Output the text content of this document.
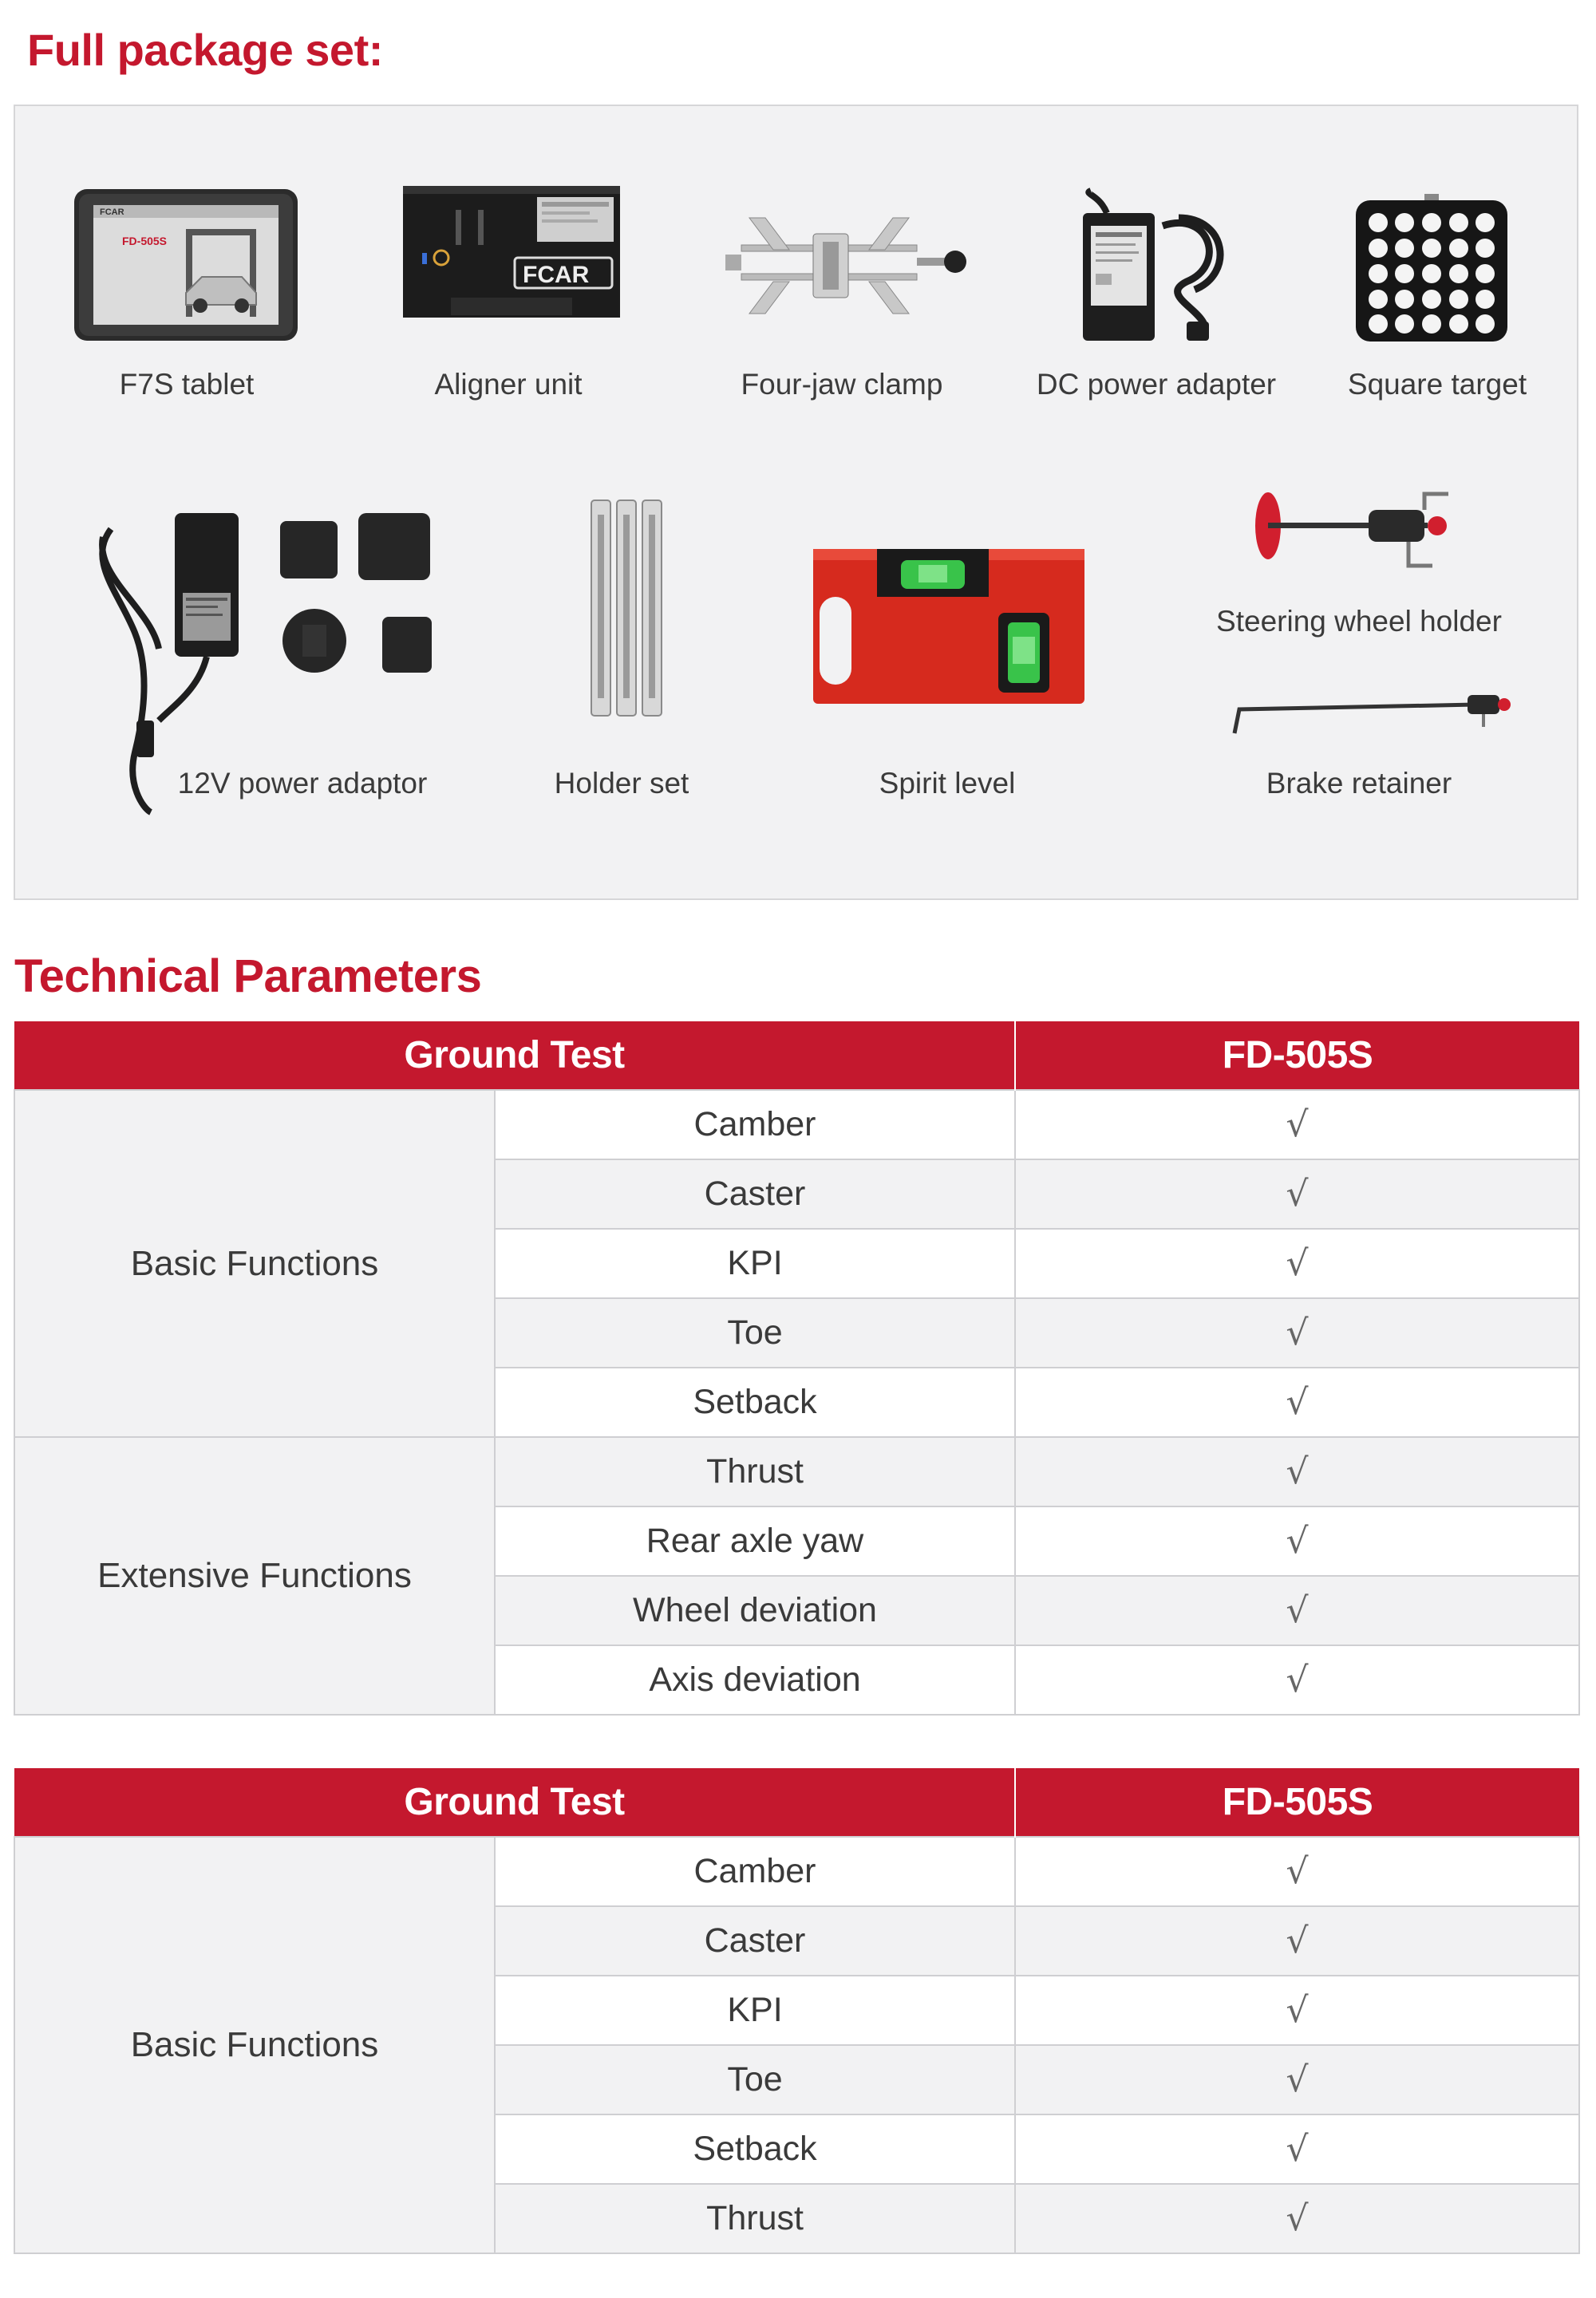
Full package set:
FCAR
FD-505S
F7S tablet
FCAR
Aligner unit	Four-jaw clamp	DC power adapter Square target
12V power adaptor	Holder set	Spirit level
Steering wheel holder
Brake retainer
Technical Parameters
Ground Test		FD-505S
Basic Functions	Camber	√
	Caster	√
	KPI	√
	Toe	√
	Setback	√
Extensive Functions	Thrust	√
	Rear axle yaw	√
	Wheel deviation	√
	Axis deviation	√
Ground Test		FD-505S
Basic Functions	Camber	√
	Caster	√
	KPI	√
	Toe	√
	Setback	√
	Thrust	√
